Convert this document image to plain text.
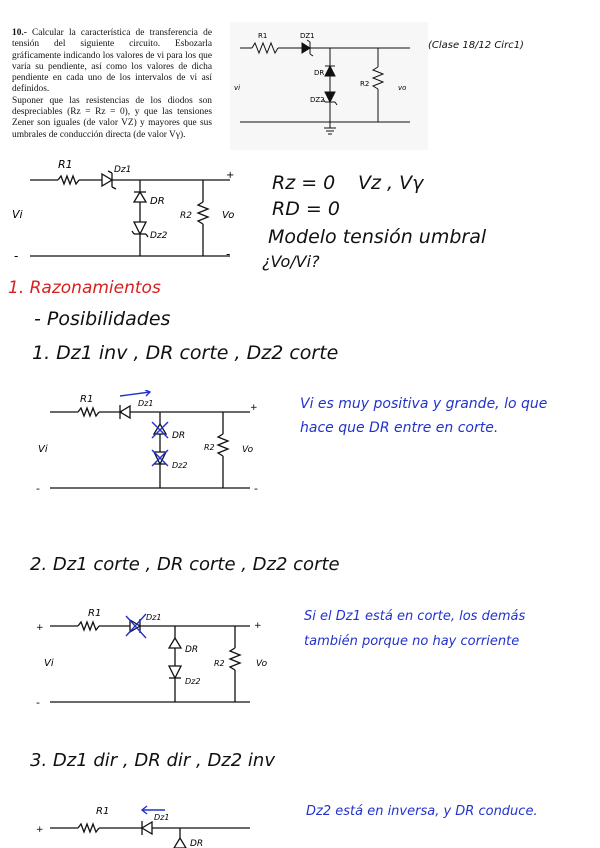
10.- Calcular la característica de transferencia de tensión del siguiente circuito. Esbozarla gráficamente indicando los valores de vi para los que varía su pendiente, así como los valores de dicha pendiente en cada uno de los intervalos de vi así definidos.
Suponer que las resistencias de los diodos son despreciables (Rz = Rz = 0), y que las tensiones Zener son iguales (de valor VZ) y mayores que sus umbrales de conducción directa (de valor Vγ).
R1	DZ1
DR
DZ2
R2
vi	vo
(Clase 18/12 Circ1)
R1	Dz1
DR
Dz2
R2
Vi	Vo
+
-	-
Rz = 0 Vz , Vγ
RD = 0
Modelo tensión umbral
¿Vo/Vi?
1. Razonamientos
- Posibilidades
1. Dz1 inv , DR corte , Dz2 corte
R1	Dz1
DR
Dz2
R2
Vi	Vo
+
-	-
Vi es muy positiva y grande, lo que hace que DR entre en corte.
2. Dz1 corte , DR corte , Dz2 corte
R1	Dz1
DR
Dz2
R2
Vi	Vo
+
+
-
Si el Dz1 está en corte, los demás también porque no hay corriente
3. Dz1 dir , DR dir , Dz2 inv
R1
Dz1
DR
+
Dz2 está en inversa, y DR conduce.
